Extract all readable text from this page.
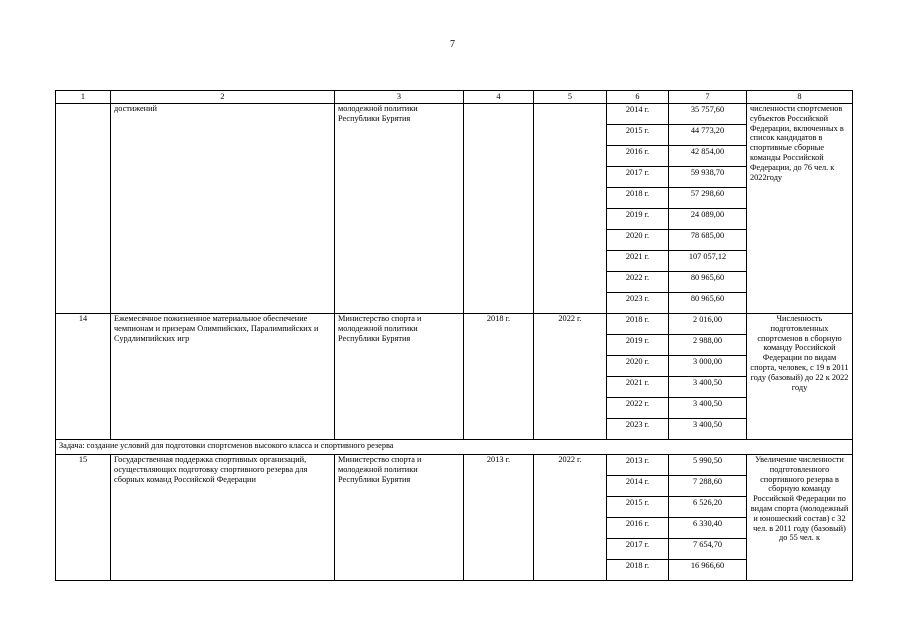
7
1	2	3	4	5	6	7	8
	достижений	молодежной политики Республики Бурятия			2014 г.	35 757,60	численности спортсменов субъектов Российской Федерации, включенных в список кандидатов в спортивные сборные команды Российской Федерации, до 76 чел. к 2022году
					2015 г.	44 773,20	
					2016 г.	42 854,00	
					2017 г.	59 938,70	
					2018 г.	57 298,60	
					2019 г.	24 089,00	
					2020 г.	78 685,00	
					2021 г.	107 057,12	
					2022 г.	80 965,60	
					2023 г.	80 965,60	
14	Ежемесячное пожизненное материальное обеспечение чемпионам и призерам Олимпийских, Паралимпийских и Сурдлимпийских игр	Министерство спорта и молодежной политики Республики Бурятия	2018 г.	2022 г.	2018 г.	2 016,00	Численность подготовленных спортсменов в сборную команду Российской Федерации по видам спорта, человек, с 19 в 2011 году (базовый) до 22 к 2022 году
					2019 г.	2 988,00	
					2020 г.	3 000,00	
					2021 г.	3 400,50	
					2022 г.	3 400,50	
					2023 г.	3 400,50	
Задача: создание условий для подготовки спортсменов высокого класса и спортивного резерва							
15	Государственная поддержка спортивных организаций, осуществляющих подготовку спортивного резерва для сборных команд Российской Федерации	Министерство спорта и молодежной политики Республики Бурятия	2013 г.	2022 г.	2013 г.	5 990,50	Увеличение численности подготовленного спортивного резерва в сборную команду Российской Федерации по видам спорта (молодежный и юношеский состав) с 32 чел. в 2011 году (базовый) до 55 чел. к
					2014 г.	7 288,60	
					2015 г.	6 526,20	
					2016 г.	6 330,40	
					2017 г.	7 654,70	
					2018 г.	16 966,60	
